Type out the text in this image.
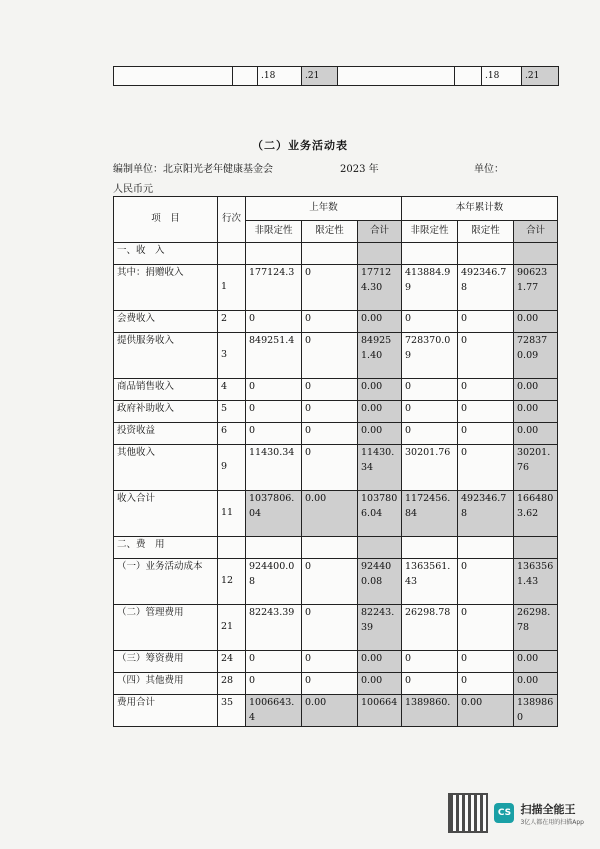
.18	.21	.18	.21
（二）业务活动表
编制单位：北京阳光老年健康基金会	2023 年	单位：
人民币元
项　目	行次	上年数			本年累计数		
		非限定性	限定性	合计	非限定性	限定性	合计
一、收　入							
其中：捐赠收入	1	177124.3	0	177124.30	413884.99	492346.78	906231.77
会费收入	2	0	0	0.00	0	0	0.00
提供服务收入	3	849251.4	0	849251.40	728370.09	0	728370.09
商品销售收入	4	0	0	0.00	0	0	0.00
政府补助收入	5	0	0	0.00	0	0	0.00
投资收益	6	0	0	0.00	0	0	0.00
其他收入	9	11430.34	0	11430.34	30201.76	0	30201.76
收入合计	11	1037806.04	0.00	1037806.04	1172456.84	492346.78	1664803.62
二、费　用							
（一）业务活动成本	12	924400.08	0	924400.08	1363561.43	0	1363561.43
（二）管理费用	21	82243.39	0	82243.39	26298.78	0	26298.78
（三）筹资费用	24	0	0	0.00	0	0	0.00
（四）其他费用	28	0	0	0.00	0	0	0.00
费用合计	35	1006643.4	0.00	100664	1389860.	0.00	1389860
CS 扫描全能王
3亿人都在用的扫描App
